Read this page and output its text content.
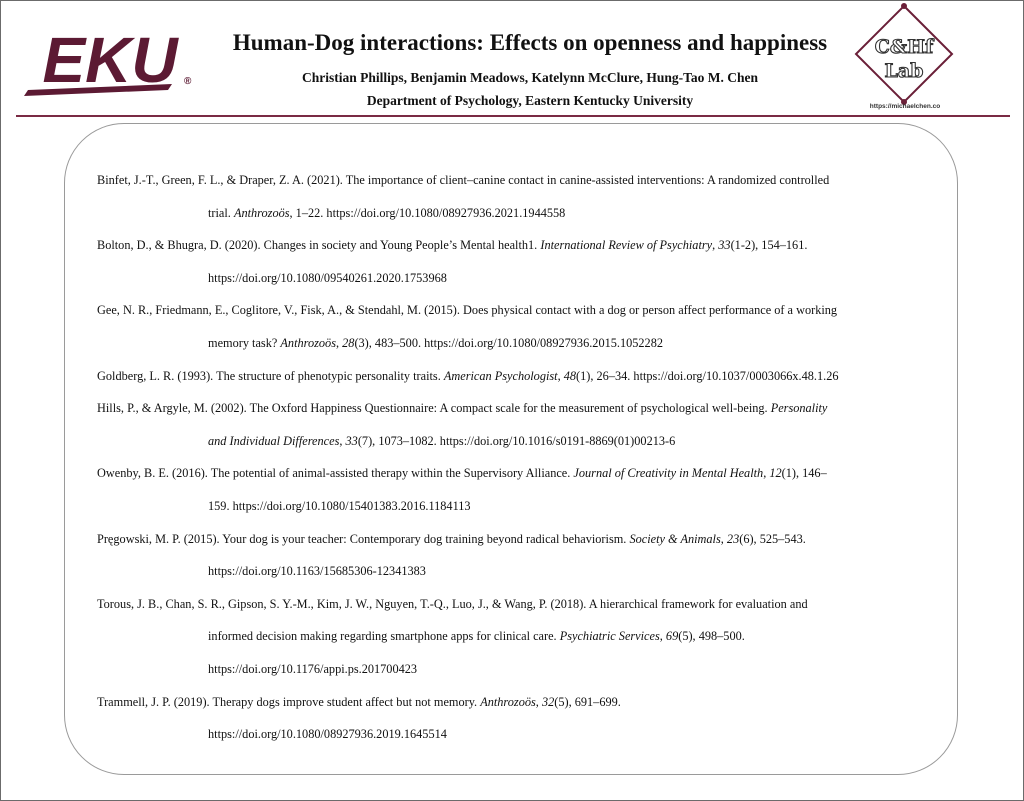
EKU ®
Human-Dog interactions: Effects on openness and happiness
Christian Phillips, Benjamin Meadows, Katelynn McClure, Hung-Tao M. Chen
Department of Psychology, Eastern Kentucky University
C&Hf
Lab
https://michaelchen.co
Binfet, J.-T., Green, F. L., & Draper, Z. A. (2021). The importance of client–canine contact in canine-assisted interventions: A randomized controlled
trial. Anthrozoös, 1–22. https://doi.org/10.1080/08927936.2021.1944558
Bolton, D., & Bhugra, D. (2020). Changes in society and Young People’s Mental health1. International Review of Psychiatry, 33(1-2), 154–161.
https://doi.org/10.1080/09540261.2020.1753968
Gee, N. R., Friedmann, E., Coglitore, V., Fisk, A., & Stendahl, M. (2015). Does physical contact with a dog or person affect performance of a working
memory task? Anthrozoös, 28(3), 483–500. https://doi.org/10.1080/08927936.2015.1052282
Goldberg, L. R. (1993). The structure of phenotypic personality traits. American Psychologist, 48(1), 26–34. https://doi.org/10.1037/0003066x.48.1.26
Hills, P., & Argyle, M. (2002). The Oxford Happiness Questionnaire: A compact scale for the measurement of psychological well-being. Personality
and Individual Differences, 33(7), 1073–1082. https://doi.org/10.1016/s0191-8869(01)00213-6
Owenby, B. E. (2016). The potential of animal-assisted therapy within the Supervisory Alliance. Journal of Creativity in Mental Health, 12(1), 146–
159. https://doi.org/10.1080/15401383.2016.1184113
Pręgowski, M. P. (2015). Your dog is your teacher: Contemporary dog training beyond radical behaviorism. Society & Animals, 23(6), 525–543.
https://doi.org/10.1163/15685306-12341383
Torous, J. B., Chan, S. R., Gipson, S. Y.-M., Kim, J. W., Nguyen, T.-Q., Luo, J., & Wang, P. (2018). A hierarchical framework for evaluation and
informed decision making regarding smartphone apps for clinical care. Psychiatric Services, 69(5), 498–500.
https://doi.org/10.1176/appi.ps.201700423
Trammell, J. P. (2019). Therapy dogs improve student affect but not memory. Anthrozoös, 32(5), 691–699.
https://doi.org/10.1080/08927936.2019.1645514
